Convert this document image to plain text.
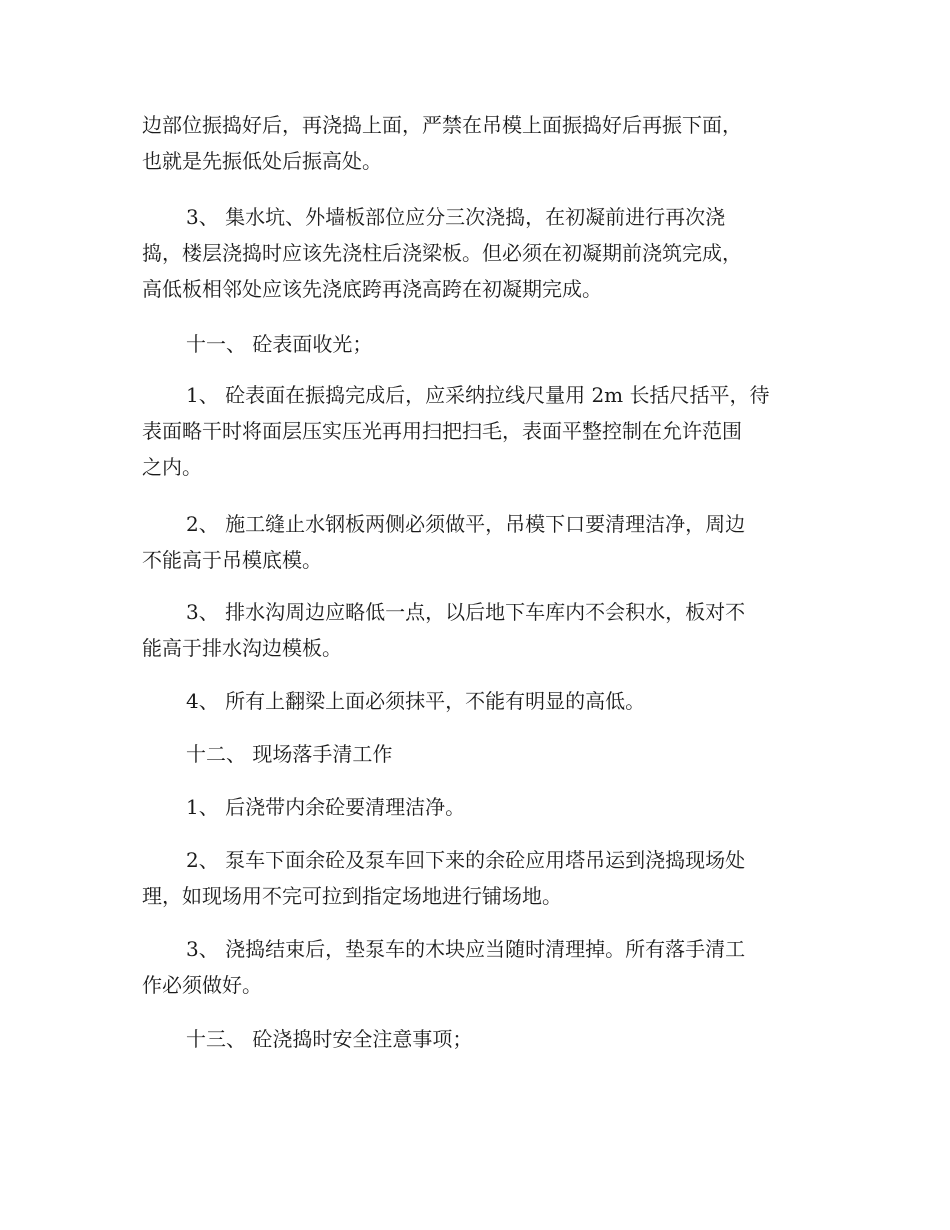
边部位振捣好后，再浇捣上面，严禁在吊模上面振捣好后再振下面，
也就是先振低处后振高处。

3、 集水坑、外墙板部位应分三次浇捣，在初凝前进行再次浇
捣，楼层浇捣时应该先浇柱后浇梁板。但必须在初凝期前浇筑完成，
高低板相邻处应该先浇底跨再浇高跨在初凝期完成。

十一、 砼表面收光；

1、 砼表面在振捣完成后，应采纳拉线尺量用 2m 长括尺括平，待
表面略干时将面层压实压光再用扫把扫毛，表面平整控制在允许范围
之内。

2、 施工缝止水钢板两侧必须做平，吊模下口要清理洁净，周边
不能高于吊模底模。

3、 排水沟周边应略低一点，以后地下车库内不会积水，板对不
能高于排水沟边模板。

4、 所有上翻梁上面必须抹平，不能有明显的高低。

十二、 现场落手清工作

1、 后浇带内余砼要清理洁净。

2、 泵车下面余砼及泵车回下来的余砼应用塔吊运到浇捣现场处
理，如现场用不完可拉到指定场地进行铺场地。

3、 浇捣结束后，垫泵车的木块应当随时清理掉。所有落手清工
作必须做好。

十三、 砼浇捣时安全注意事项；
